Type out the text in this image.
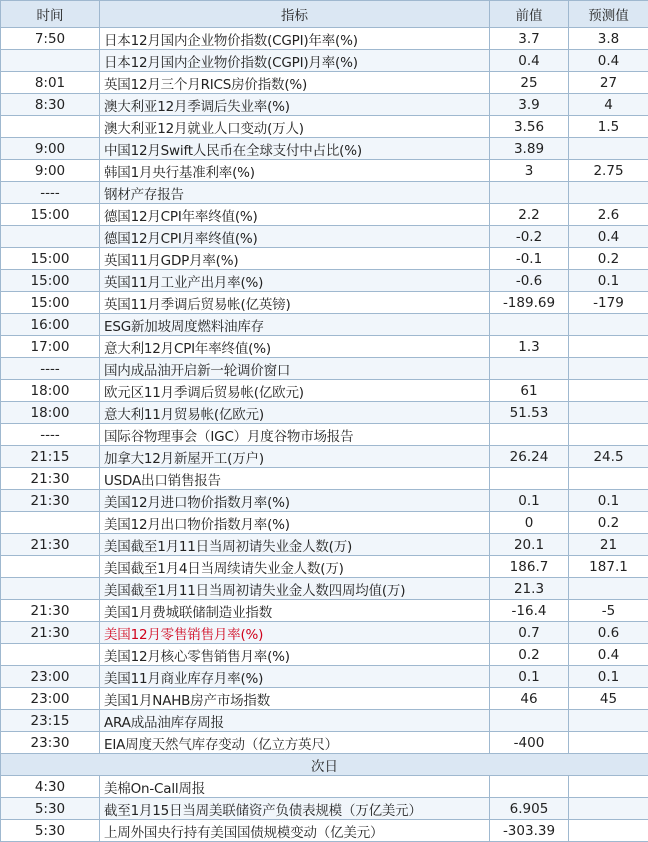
时间	指标	前值	预测值
7:50	日本12月国内企业物价指数(CGPI)年率(%)	3.7	3.8
	日本12月国内企业物价指数(CGPI)月率(%)	0.4	0.4
8:01	英国12月三个月RICS房价指数(%)	25	27
8:30	澳大利亚12月季调后失业率(%)	3.9	4
	澳大利亚12月就业人口变动(万人)	3.56	1.5
9:00	中国12月Swift人民币在全球支付中占比(%)	3.89	
9:00	韩国1月央行基准利率(%)	3	2.75
----	钢材产存报告		
15:00	德国12月CPI年率终值(%)	2.2	2.6
	德国12月CPI月率终值(%)	-0.2	0.4
15:00	英国11月GDP月率(%)	-0.1	0.2
15:00	英国11月工业产出月率(%)	-0.6	0.1
15:00	英国11月季调后贸易帐(亿英镑)	-189.69	-179
16:00	ESG新加坡周度燃料油库存		
17:00	意大利12月CPI年率终值(%)	1.3	
----	国内成品油开启新一轮调价窗口		
18:00	欧元区11月季调后贸易帐(亿欧元)	61	
18:00	意大利11月贸易帐(亿欧元)	51.53	
----	国际谷物理事会（IGC）月度谷物市场报告		
21:15	加拿大12月新屋开工(万户)	26.24	24.5
21:30	USDA出口销售报告		
21:30	美国12月进口物价指数月率(%)	0.1	0.1
	美国12月出口物价指数月率(%)	0	0.2
21:30	美国截至1月11日当周初请失业金人数(万)	20.1	21
	美国截至1月4日当周续请失业金人数(万)	186.7	187.1
	美国截至1月11日当周初请失业金人数四周均值(万)	21.3	
21:30	美国1月费城联储制造业指数	-16.4	-5
21:30	美国12月零售销售月率(%)	0.7	0.6
	美国12月核心零售销售月率(%)	0.2	0.4
23:00	美国11月商业库存月率(%)	0.1	0.1
23:00	美国1月NAHB房产市场指数	46	45
23:15	ARA成品油库存周报		
23:30	EIA周度天然气库存变动（亿立方英尺）	-400	
次日			
4:30	美棉On-Call周报		
5:30	截至1月15日当周美联储资产负债表规模（万亿美元）	6.905	
5:30	上周外国央行持有美国国债规模变动（亿美元）	-303.39	
